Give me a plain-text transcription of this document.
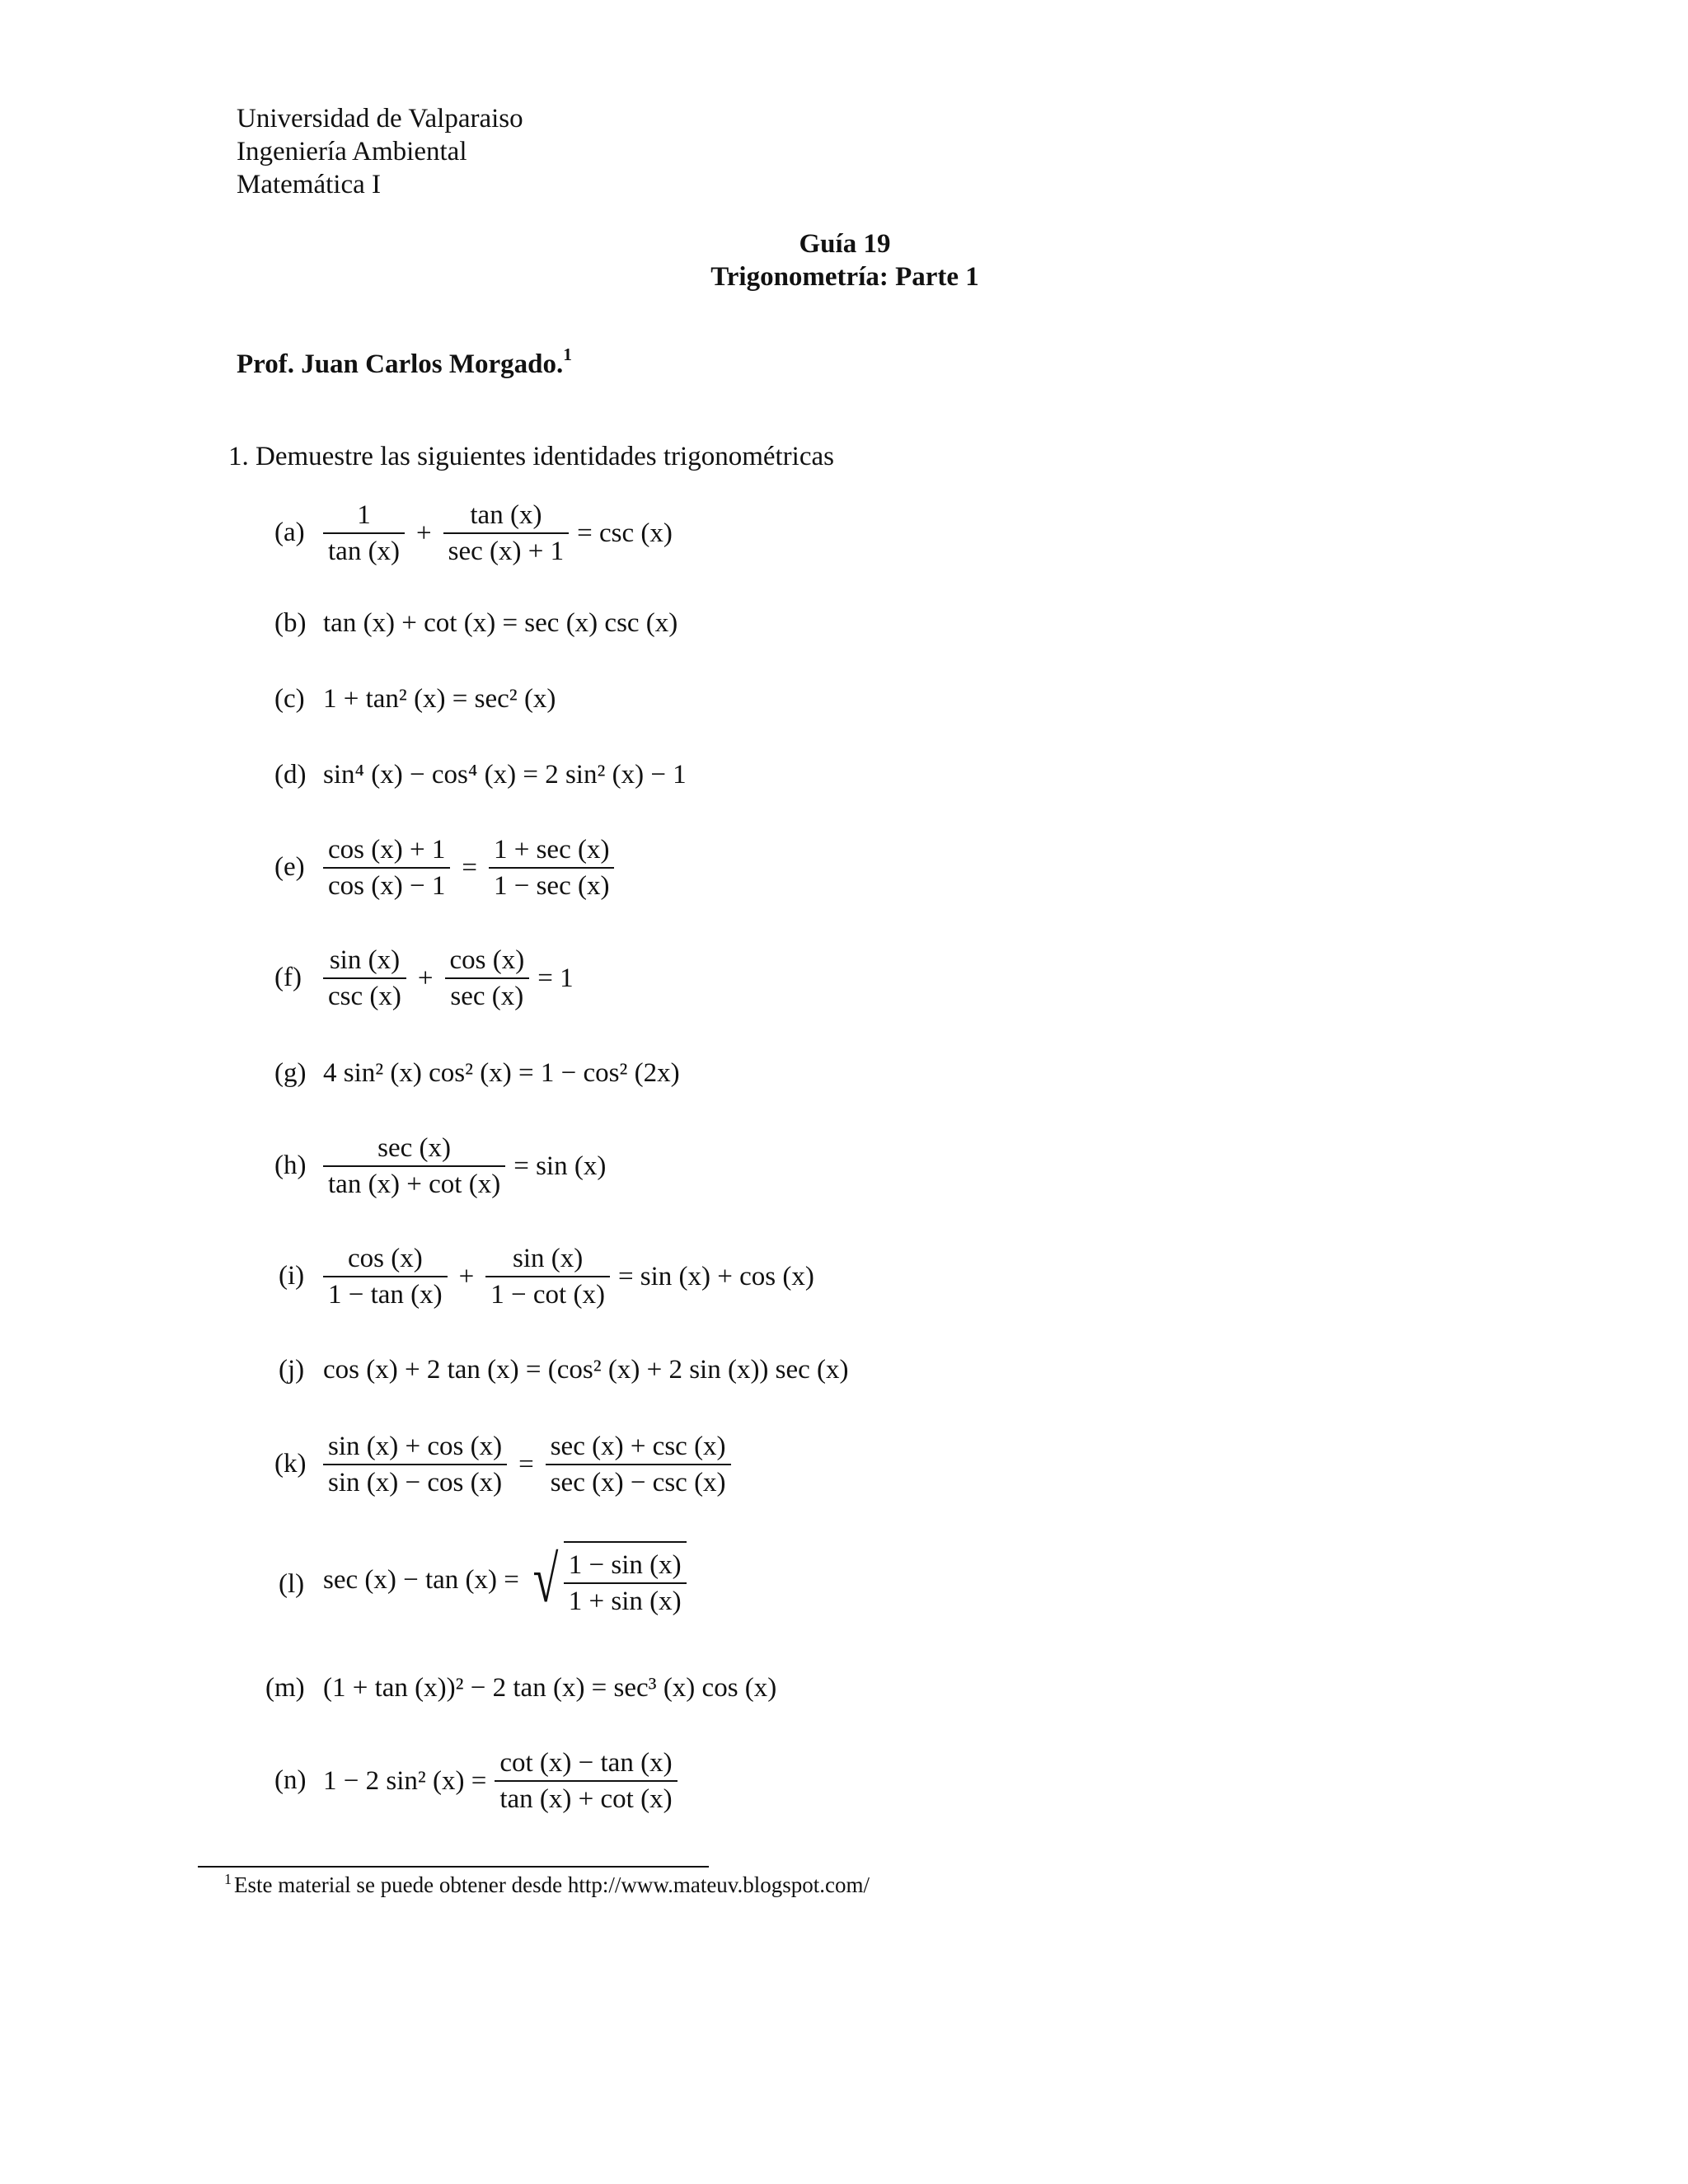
Universidad de Valparaiso
Ingeniería Ambiental
Matemática I
Guía 19
Trigonometría: Parte 1
Prof. Juan Carlos Morgado.$^1$
1. Demuestre las siguientes identidades trigonométricas
$(a) \frac{1}{\tan (x)} + \frac{\tan (x)}{\sec (x) + 1} = \csc (x)$
(b) tan (x) + cot (x) = sec (x) csc (x)
(c) 1 + tan² (x) = sec² (x)
(d) sin⁴ (x) − cos⁴ (x) = 2 sin² (x) − 1
$(e) \frac{\cos (x) + 1}{\cos (x) - 1} = \frac{1 + \sec (x)}{1 - \sec (x)}$
$(f) \frac{\sin (x)}{\csc (x)} + \frac{\cos (x)}{\sec (x)} = 1$
(g) 4 sin² (x) cos² (x) = 1 − cos² (2x)
$(h) \frac{\sec (x)}{\tan (x) + \cot (x)} = \sin (x)$
$(i) \frac{\cos (x)}{1 - \tan (x)} + \frac{\sin (x)}{1 - \cot (x)} = \sin (x) + \cos (x)$
(j) cos (x) + 2 tan (x) = (cos² (x) + 2 sin (x)) sec (x)
$(k) \frac{\sin (x) + \cos (x)}{\sin (x) - \cos (x)} = \frac{\sec (x) + \csc (x)}{\sec (x) - \csc (x)}$
(l) sec (x) − tan (x) = √ $\frac{1 - \sin (x)}{1 + \sin (x)}$
(m) (1 + tan (x))² − 2 tan (x) = sec³ (x) cos (x)
(n) 1 − 2 sin² $(x) = \frac{\cot (x) - \tan (x)}{\tan (x) + \cot (x)}$
$^1$ Este material se puede obtener desde http://www.mateuv.blogspot.com/
